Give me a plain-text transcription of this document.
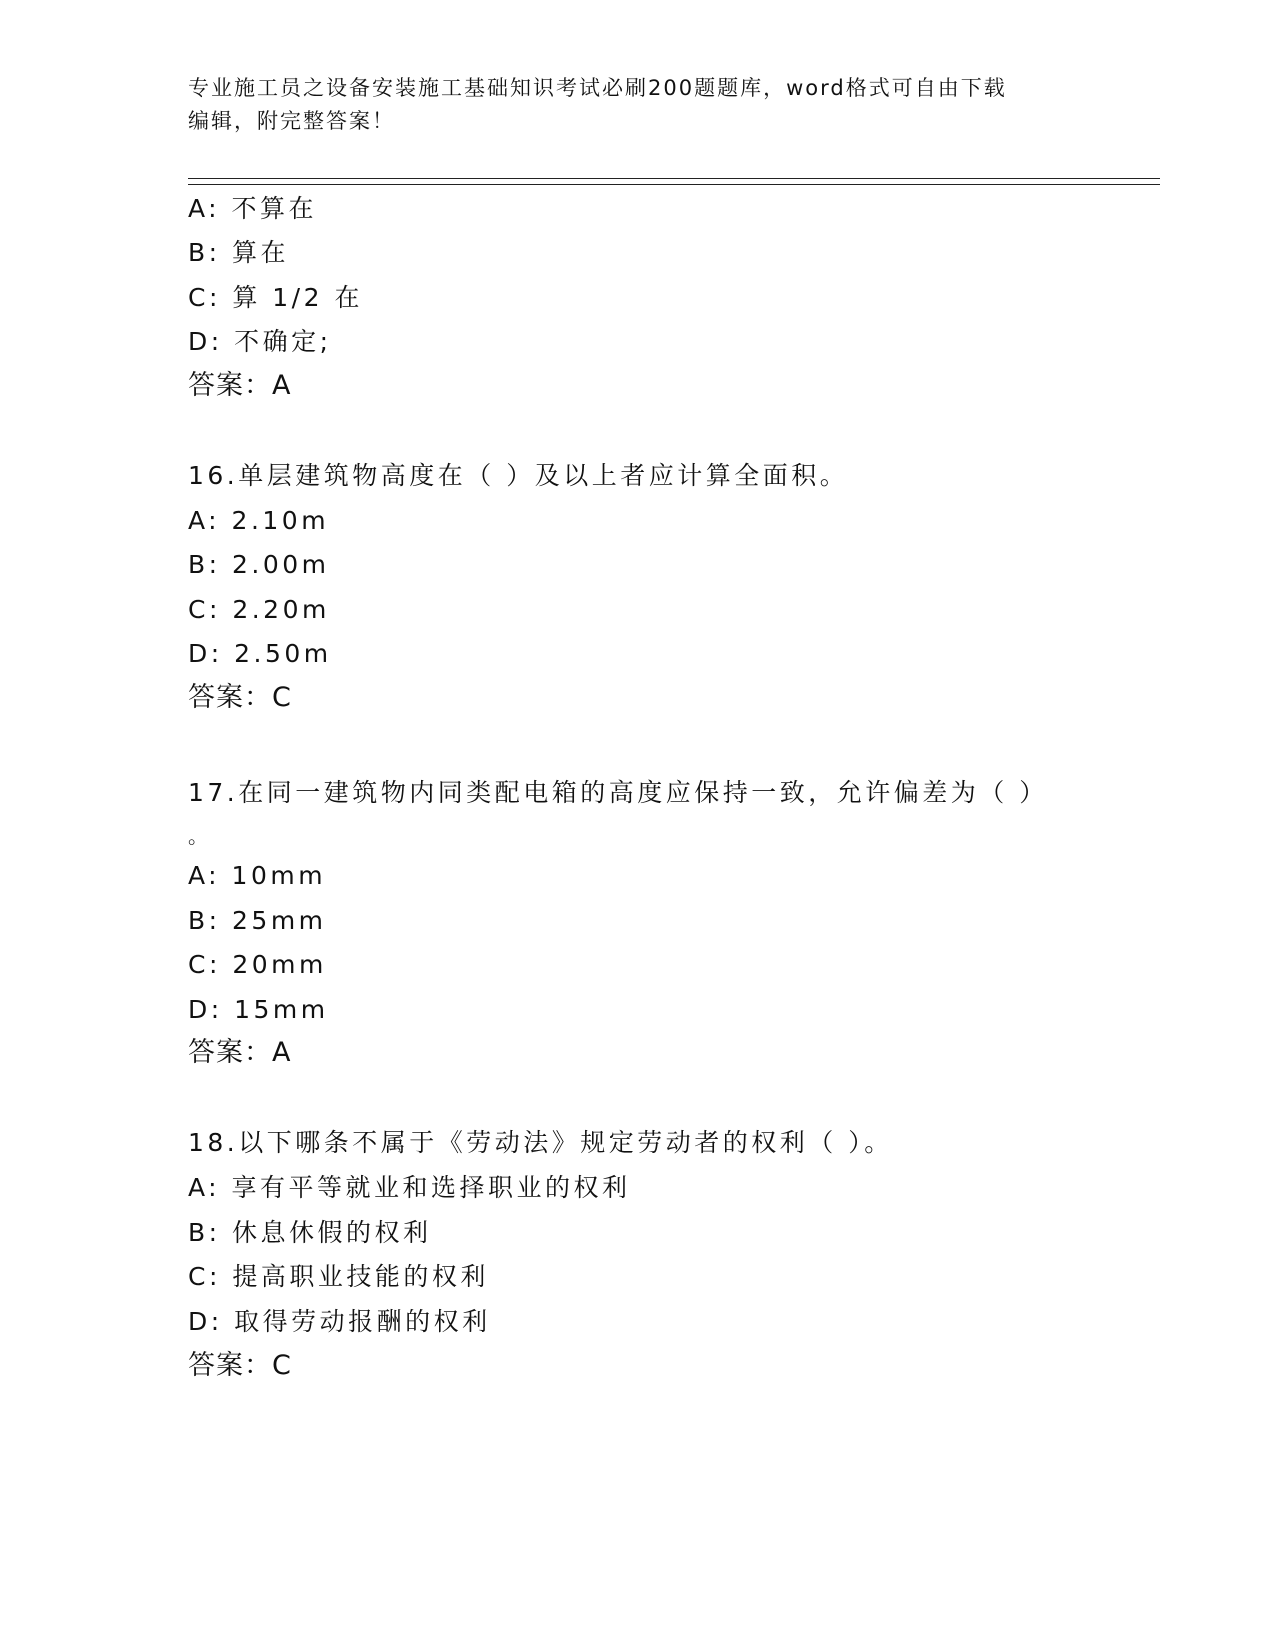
专业施工员之设备安装施工基础知识考试必刷200题题库，word格式可自由下载
编辑，附完整答案！
A: 不算在
B: 算在
C: 算 1/2 在
D: 不确定;
答案：A
16.单层建筑物高度在（ ）及以上者应计算全面积。
A: 2.10m
B: 2.00m
C: 2.20m
D: 2.50m
答案：C
17.在同一建筑物内同类配电箱的高度应保持一致，允许偏差为（ ）
。
A: 10mm
B: 25mm
C: 20mm
D: 15mm
答案：A
18.以下哪条不属于《劳动法》规定劳动者的权利（ ）。
A: 享有平等就业和选择职业的权利
B: 休息休假的权利
C: 提高职业技能的权利
D: 取得劳动报酬的权利
答案：C
